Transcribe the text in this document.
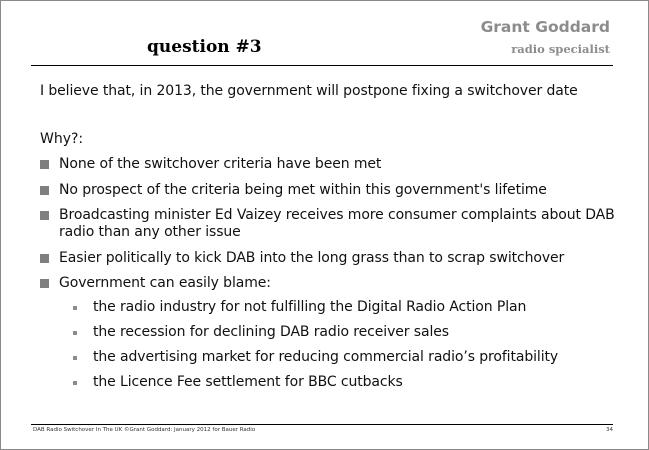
Grant Goddard
radio specialist
question #3
I believe that, in 2013, the government will postpone fixing a switchover date
Why?:
None of the switchover criteria have been met
No prospect of the criteria being met within this government's lifetime
Broadcasting minister Ed Vaizey receives more consumer complaints about DAB radio than any other issue
Easier politically to kick DAB into the long grass than to scrap switchover
Government can easily blame:
the radio industry for not fulfilling the Digital Radio Action Plan
the recession for declining DAB radio receiver sales
the advertising market for reducing commercial radio’s profitability
the Licence Fee settlement for BBC cutbacks
DAB Radio Switchover In The UK ©Grant Goddard: January 2012 for Bauer Radio	34
